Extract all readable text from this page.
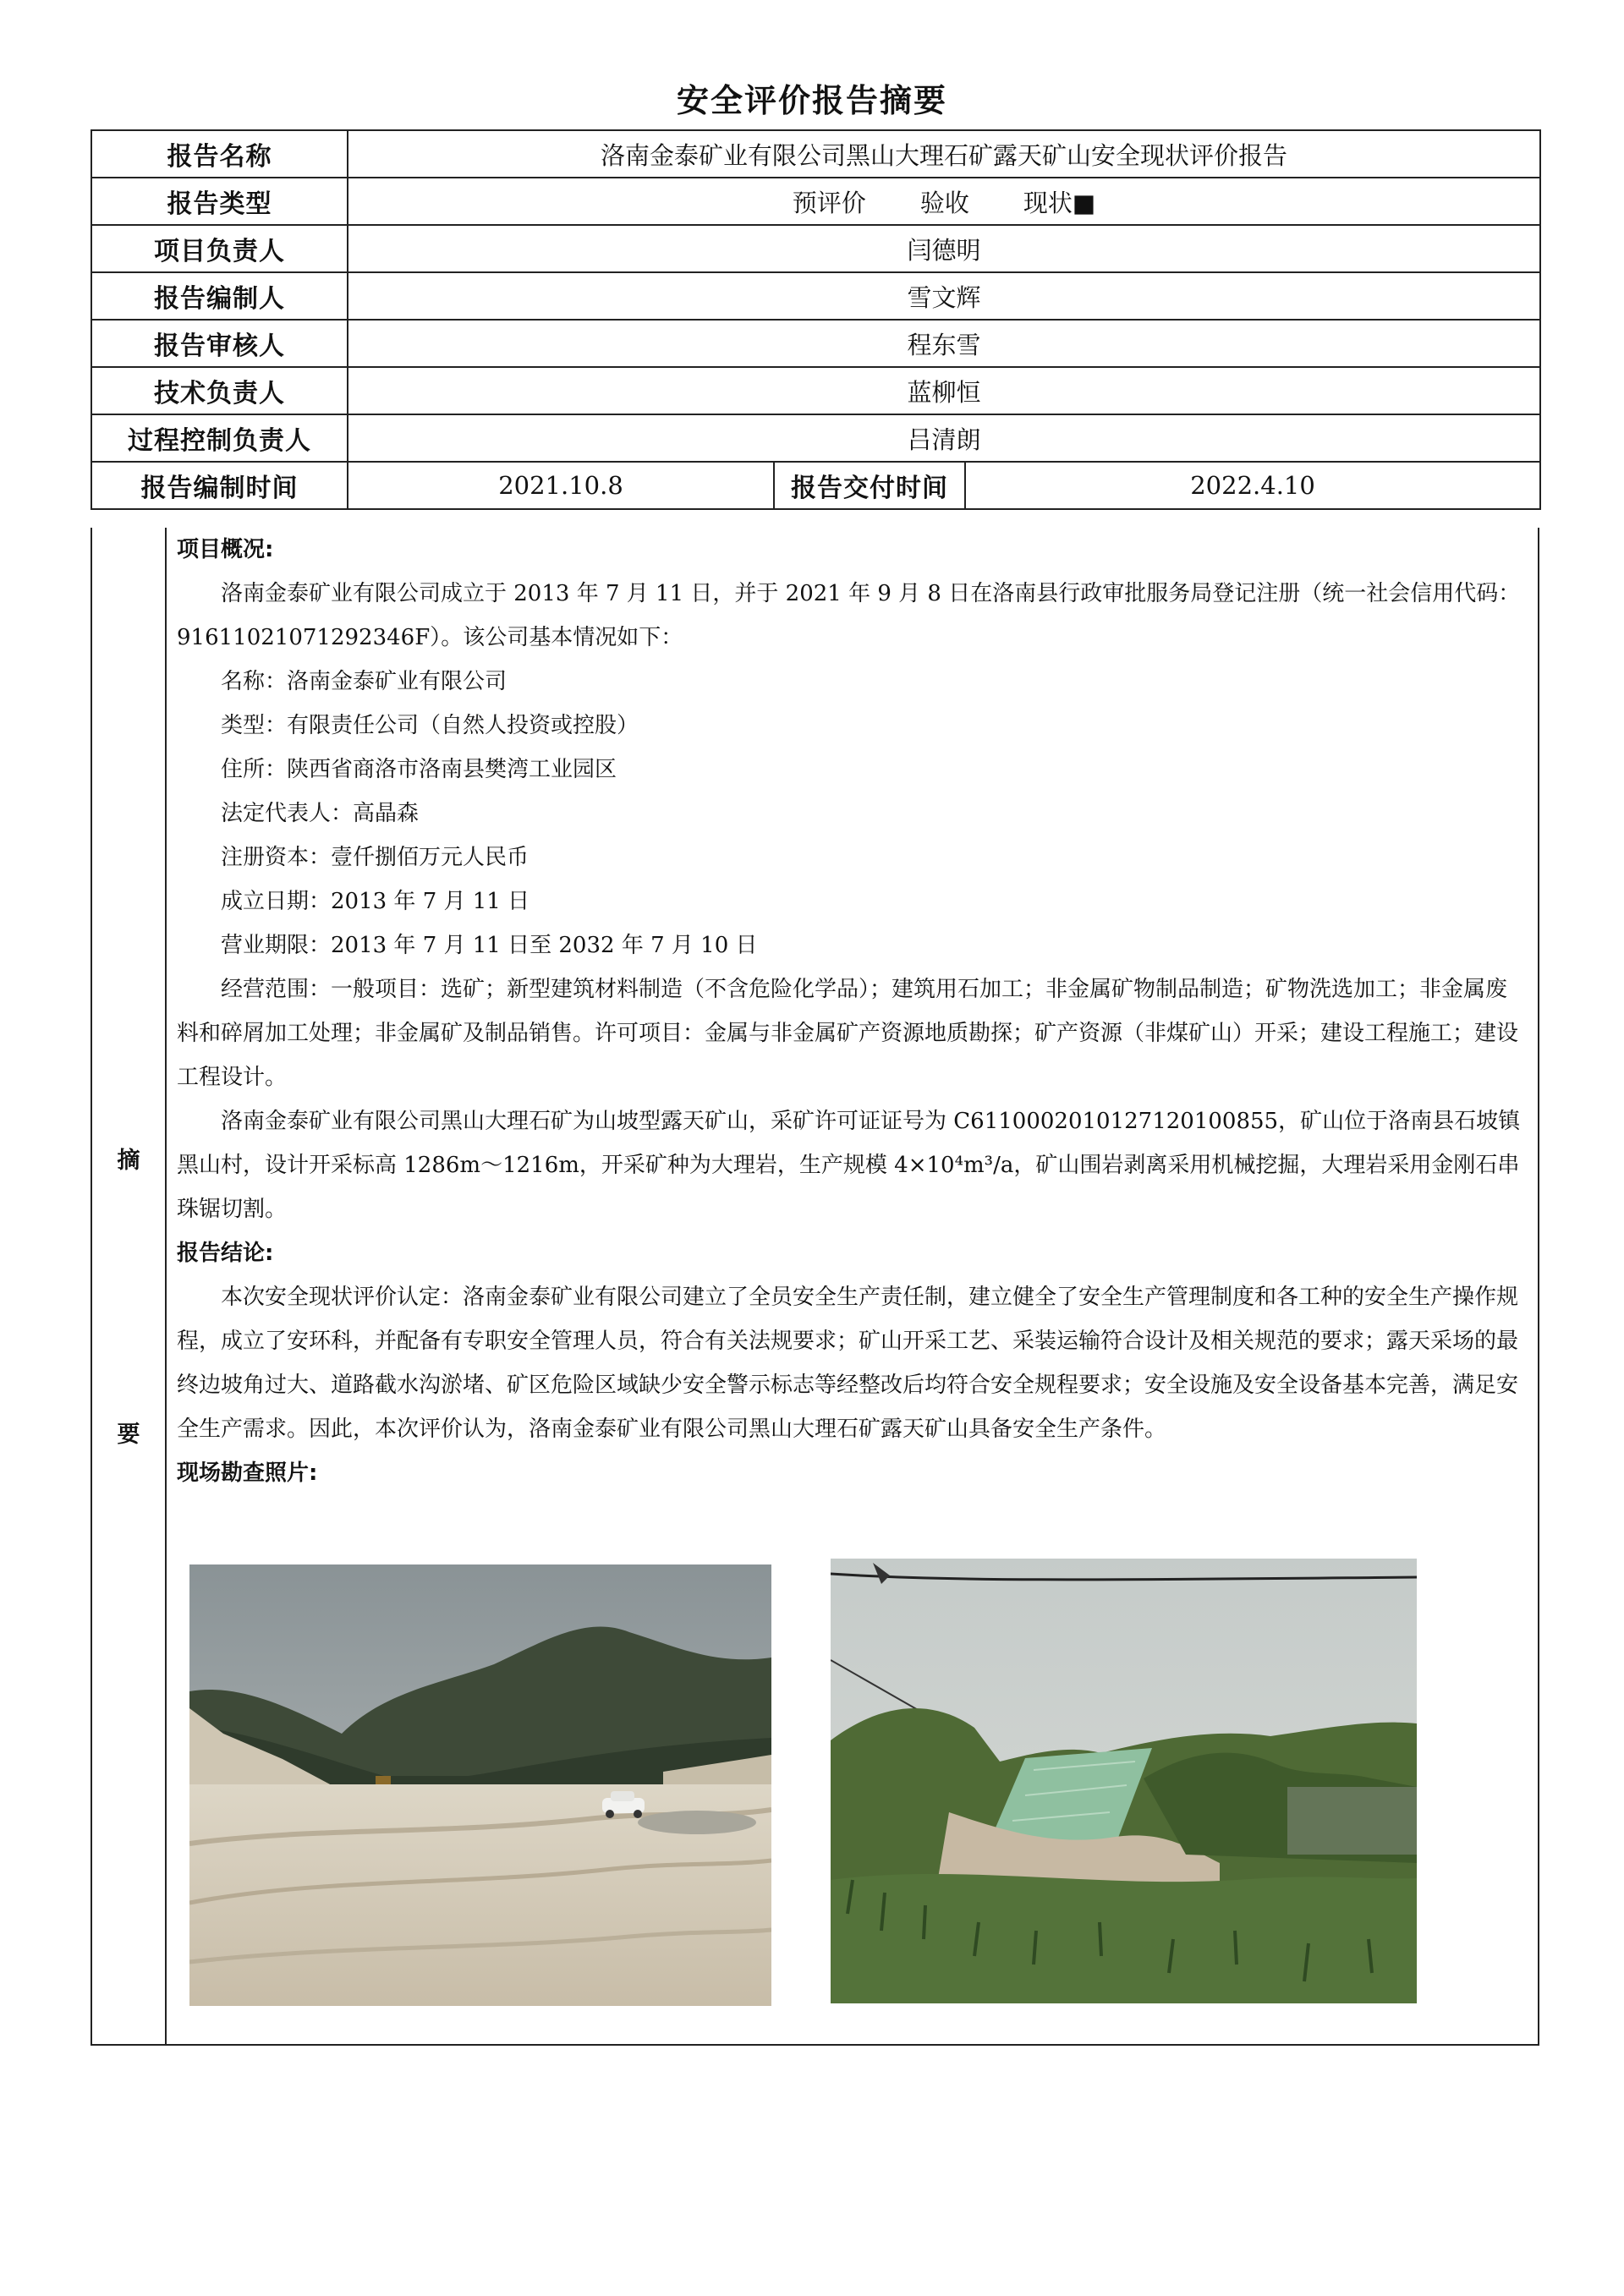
安全评价报告摘要
报告名称	洛南金泰矿业有限公司黑山大理石矿露天矿山安全现状评价报告		
报告类型	预评价 验收 现状■		
项目负责人	闫德明		
报告编制人	雪文辉		
报告审核人	程东雪		
技术负责人	蓝柳恒		
过程控制负责人	吕清朗		
报告编制时间	2021.10.8	报告交付时间	2022.4.10
摘
要

项目概况:

洛南金泰矿业有限公司成立于 2013 年 7 月 11 日，并于 2021 年 9 月 8 日在洛南县行政审批服务局登记注册（统一社会信用代码：91611021071292346F）。该公司基本情况如下：

名称：洛南金泰矿业有限公司

类型：有限责任公司（自然人投资或控股）

住所：陕西省商洛市洛南县樊湾工业园区

法定代表人：高晶森

注册资本：壹仟捌佰万元人民币

成立日期：2013 年 7 月 11 日

营业期限：2013 年 7 月 11 日至 2032 年 7 月 10 日

经营范围：一般项目：选矿；新型建筑材料制造（不含危险化学品）；建筑用石加工；非金属矿物制品制造；矿物洗选加工；非金属废料和碎屑加工处理；非金属矿及制品销售。许可项目：金属与非金属矿产资源地质勘探；矿产资源（非煤矿山）开采；建设工程施工；建设工程设计。

洛南金泰矿业有限公司黑山大理石矿为山坡型露天矿山，采矿许可证证号为 C6110002010127120100855，矿山位于洛南县石坡镇黑山村，设计开采标高 1286m～1216m，开采矿种为大理岩，生产规模 4×10⁴m³/a，矿山围岩剥离采用机械挖掘，大理岩采用金刚石串珠锯切割。

报告结论:

本次安全现状评价认定：洛南金泰矿业有限公司建立了全员安全生产责任制，建立健全了安全生产管理制度和各工种的安全生产操作规程，成立了安环科，并配备有专职安全管理人员，符合有关法规要求；矿山开采工艺、采装运输符合设计及相关规范的要求；露天采场的最终边坡角过大、道路截水沟淤堵、矿区危险区域缺少安全警示标志等经整改后均符合安全规程要求；安全设施及安全设备基本完善，满足安全生产需求。因此，本次评价认为，洛南金泰矿业有限公司黑山大理石矿露天矿山具备安全生产条件。

现场勘查照片:
